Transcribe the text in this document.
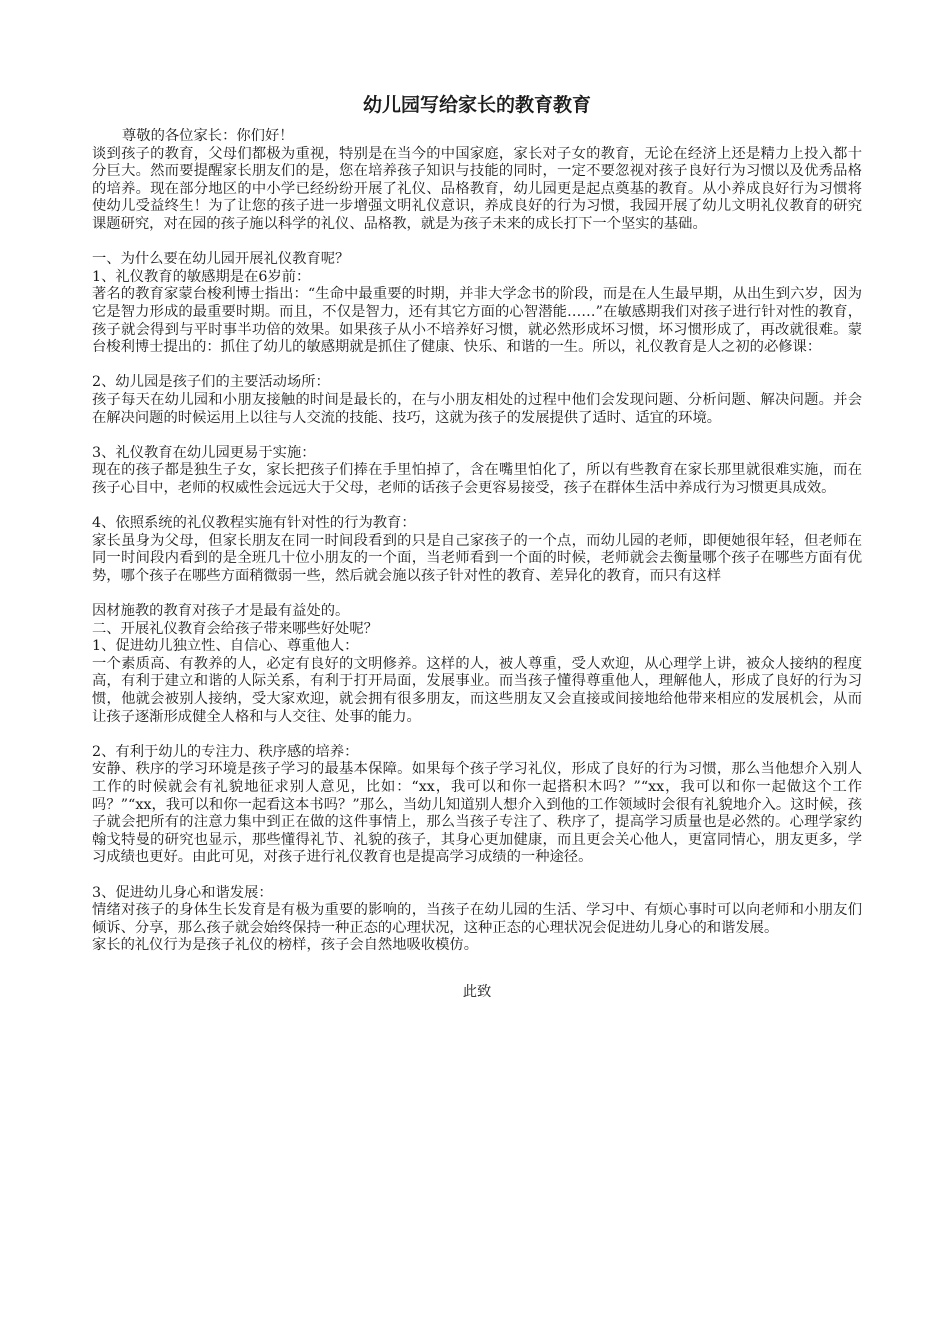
幼儿园写给家长的教育教育

尊敬的各位家长：你们好！

谈到孩子的教育，父母们都极为重视，特别是在当今的中国家庭，家长对子女的教育，无论在经济上还是精力上投入都十分巨大。然而要提醒家长朋友们的是，您在培养孩子知识与技能的同时，一定不要忽视对孩子良好行为习惯以及优秀品格的培养。现在部分地区的中小学已经纷纷开展了礼仪、品格教育，幼儿园更是起点奠基的教育。从小养成良好行为习惯将使幼儿受益终生！为了让您的孩子进一步增强文明礼仪意识，养成良好的行为习惯，我园开展了幼儿文明礼仪教育的研究课题研究，对在园的孩子施以科学的礼仪、品格教，就是为孩子未来的成长打下一个坚实的基础。

一、为什么要在幼儿园开展礼仪教育呢？

1、礼仪教育的敏感期是在6岁前：

著名的教育家蒙台梭利博士指出：“生命中最重要的时期，并非大学念书的阶段，而是在人生最早期，从出生到六岁，因为它是智力形成的最重要时期。而且，不仅是智力，还有其它方面的心智潜能……”在敏感期我们对孩子进行针对性的教育，孩子就会得到与平时事半功倍的效果。如果孩子从小不培养好习惯，就必然形成坏习惯，坏习惯形成了，再改就很难。蒙台梭利博士提出的：抓住了幼儿的敏感期就是抓住了健康、快乐、和谐的一生。所以，礼仪教育是人之初的必修课：

2、幼儿园是孩子们的主要活动场所：

孩子每天在幼儿园和小朋友接触的时间是最长的，在与小朋友相处的过程中他们会发现问题、分析问题、解决问题。并会在解决问题的时候运用上以往与人交流的技能、技巧，这就为孩子的发展提供了适时、适宜的环境。

3、礼仪教育在幼儿园更易于实施：

现在的孩子都是独生子女，家长把孩子们捧在手里怕掉了，含在嘴里怕化了，所以有些教育在家长那里就很难实施，而在孩子心目中，老师的权威性会远远大于父母，老师的话孩子会更容易接受，孩子在群体生活中养成行为习惯更具成效。

4、依照系统的礼仪教程实施有针对性的行为教育：

家长虽身为父母，但家长朋友在同一时间段看到的只是自己家孩子的一个点，而幼儿园的老师，即便她很年轻，但老师在同一时间段内看到的是全班几十位小朋友的一个面，当老师看到一个面的时候，老师就会去衡量哪个孩子在哪些方面有优势，哪个孩子在哪些方面稍微弱一些，然后就会施以孩子针对性的教育、差异化的教育，而只有这样

因材施教的教育对孩子才是最有益处的。

二、开展礼仪教育会给孩子带来哪些好处呢？

1、促进幼儿独立性、自信心、尊重他人：

一个素质高、有教养的人，必定有良好的文明修养。这样的人，被人尊重，受人欢迎，从心理学上讲，被众人接纳的程度高，有利于建立和谐的人际关系，有利于打开局面，发展事业。而当孩子懂得尊重他人，理解他人，形成了良好的行为习惯，他就会被别人接纳，受大家欢迎，就会拥有很多朋友，而这些朋友又会直接或间接地给他带来相应的发展机会，从而让孩子逐渐形成健全人格和与人交往、处事的能力。

2、有利于幼儿的专注力、秩序感的培养：

安静、秩序的学习环境是孩子学习的最基本保障。如果每个孩子学习礼仪，形成了良好的行为习惯，那么当他想介入别人工作的时候就会有礼貌地征求别人意见，比如：“xx，我可以和你一起搭积木吗？”“xx，我可以和你一起做这个工作吗？”“xx，我可以和你一起看这本书吗？”那么，当幼儿知道别人想介入到他的工作领域时会很有礼貌地介入。这时候，孩子就会把所有的注意力集中到正在做的这件事情上，那么当孩子专注了、秩序了，提高学习质量也是必然的。心理学家约翰戈特曼的研究也显示，那些懂得礼节、礼貌的孩子，其身心更加健康，而且更会关心他人，更富同情心，朋友更多，学习成绩也更好。由此可见，对孩子进行礼仪教育也是提高学习成绩的一种途径。

3、促进幼儿身心和谐发展：

情绪对孩子的身体生长发育是有极为重要的影响的，当孩子在幼儿园的生活、学习中、有烦心事时可以向老师和小朋友们倾诉、分享，那么孩子就会始终保持一种正态的心理状况，这种正态的心理状况会促进幼儿身心的和谐发展。

家长的礼仪行为是孩子礼仪的榜样，孩子会自然地吸收模仿。

此致
